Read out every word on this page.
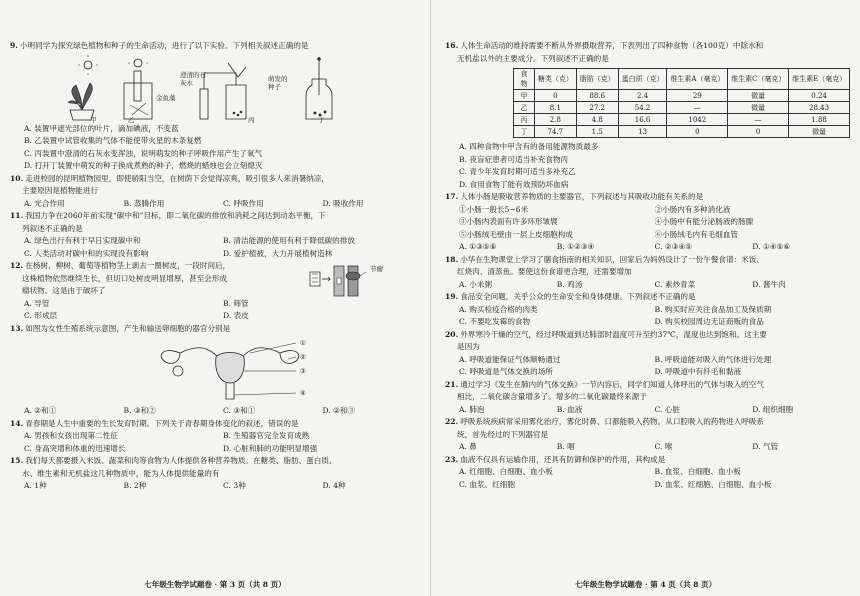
9. 小明同学为探究绿色植物和种子的生命活动，进行了以下实验。下列相关叙述正确的是
甲	乙
金鱼藻
澄清的石灰水
丙
萌发的种子
丁
A. 装置甲遮光部位的叶片，滴加碘液，不变蓝
B. 乙装置中试管收集的气体不能使带火星的木条复燃
C. 丙装置中澄清的石灰水变浑浊，说明萌发的种子呼吸作用产生了氧气
D. 打开丁装置中萌发的种子换成煮熟的种子，燃烧的蜡烛也会立刻熄灭
10. 走进校园的昆明植物园里，即使骄阳当空，在树荫下会觉得凉爽，吸引很多人来消暑纳凉，
主要原因是植物能进行
A. 光合作用	B. 蒸腾作用	C. 呼吸作用	D. 吸收作用
11. 我国力争在2060年前实现“碳中和”目标，即二氧化碳的排放和消耗之间达到动态平衡，下
列叙述不正确的是
A. 绿色出行有利于早日实现碳中和	B. 清洁能源的使用有利于降低碳的排放
C. 人类活动对碳中和的实现没有影响	D. 爱护植被，大力开展植树造林
12. 在杨树、柳树、葡萄等植物茎上剥去一圈树皮，一段时间后，
这株植物依然继续生长，但切口处树皮明显增厚，甚至会形成
瘤状物。这是由于破坏了
节瘤
A. 导管	B. 筛管
C. 形成层	D. 表皮
13. 如图为女性生殖系统示意图，产生和输送卵细胞的器官分别是
①
②
③
④
A. ②和①	B. ③和②	C. ③和①	D. ②和③
14. 青春期是人生中重要的生长发育时期。下列关于青春期身体变化的叙述，错误的是
A. 男孩和女孩出现第二性征	B. 生殖器官完全发育成熟
C. 身高突增和体重的迅速增长	D. 心脏和肺的功能明显增强
15. 我们每天都要摄入米饭、蔬菜和肉等食物为人体提供各种营养物质。在糖类、脂肪、蛋白质、
水、维生素和无机盐这几种物质中，能为人体提供能量的有
A. 1种	B. 2种	C. 3种	D. 4种
七年级生物学试题卷 · 第 3 页（共 8 页）
16. 人体生命活动的维持需要不断从外界摄取营养，下表列出了四种食物（各100克）中除水和
无机盐以外的主要成分。下列叙述不正确的是
食物	糖类（克）	脂肪（克）	蛋白质（克）	维生素A（毫克）	维生素C（毫克）	维生素E（毫克）
甲	0	88.6	2.4	29	微量	0.24
乙	8.1	27.2	54.2	—	微量	28.43
丙	2.8	4.8	16.6	1042	—	1.88
丁	74.7	1.5	13	0	0	微量
A. 四种食物中甲含有的备用能源物质最多
B. 夜盲症患者可适当补充食物丙
C. 青少年发育时期可适当多补充乙
D. 食用食物丁能有效预防坏血病
17. 人体小肠是吸收营养物质的主要器官，下列叙述与其吸收功能有关系的是
①小肠一般长5~6米	②小肠内有多种消化液
③小肠内表面有许多环形皱襞	④小肠中有能分泌肠液的肠腺
⑤小肠绒毛壁由一层上皮细胞构成	⑥小肠绒毛内有毛细血管
A. ①③⑤⑥	B. ①②③④	C. ②③④⑤	D. ①④⑤⑥
18. 小华在生物课堂上学习了膳食指南的相关知识，回家后为妈妈设计了一份午餐食谱：米饭、
红烧肉、清蒸鱼。要使这份食谱更合理，还需要增加
A. 小米粥	B. 鸡汤	C. 素炒青菜	D. 酱牛肉
19. 食品安全问题，关乎公众的生命安全和身体健康。下列叙述不正确的是
A. 购买检疫合格的肉类	B. 购买时应关注食品加工及保质期
C. 不要吃发霉的食物	D. 购买校园周边无证商贩的食品
20. 外界寒冷干燥的空气，经过呼吸道到达肺部时温度可升至约37℃，湿度也达到饱和。这主要
是因为
A. 呼吸道能保证气体顺畅通过	B. 呼吸道能对吸入的气体进行处理
C. 呼吸道是气体交换的场所	D. 呼吸道中有纤毛和黏液
21. 通过学习《发生在肺内的气体交换》一节内容后，同学们知道人体呼出的气体与吸入的空气
相比，二氧化碳含量增多了。增多的二氧化碳最终来源于
A. 肺泡	B. 血液	C. 心脏	D. 组织细胞
22. 呼吸系统疾病常采用雾化治疗，雾化时鼻、口都能吸入药物。从口腔吸入的药物进入呼吸系
统，首先经过的下列器官是
A. 鼻	B. 咽	C. 喉	D. 气管
23. 血液不仅具有运输作用，还具有防御和保护的作用，其构成是
A. 红细胞、白细胞、血小板	B. 血浆、白细胞、血小板
C. 血浆、红细胞	D. 血浆、红细胞、白细胞、血小板
七年级生物学试题卷 · 第 4 页（共 8 页）
